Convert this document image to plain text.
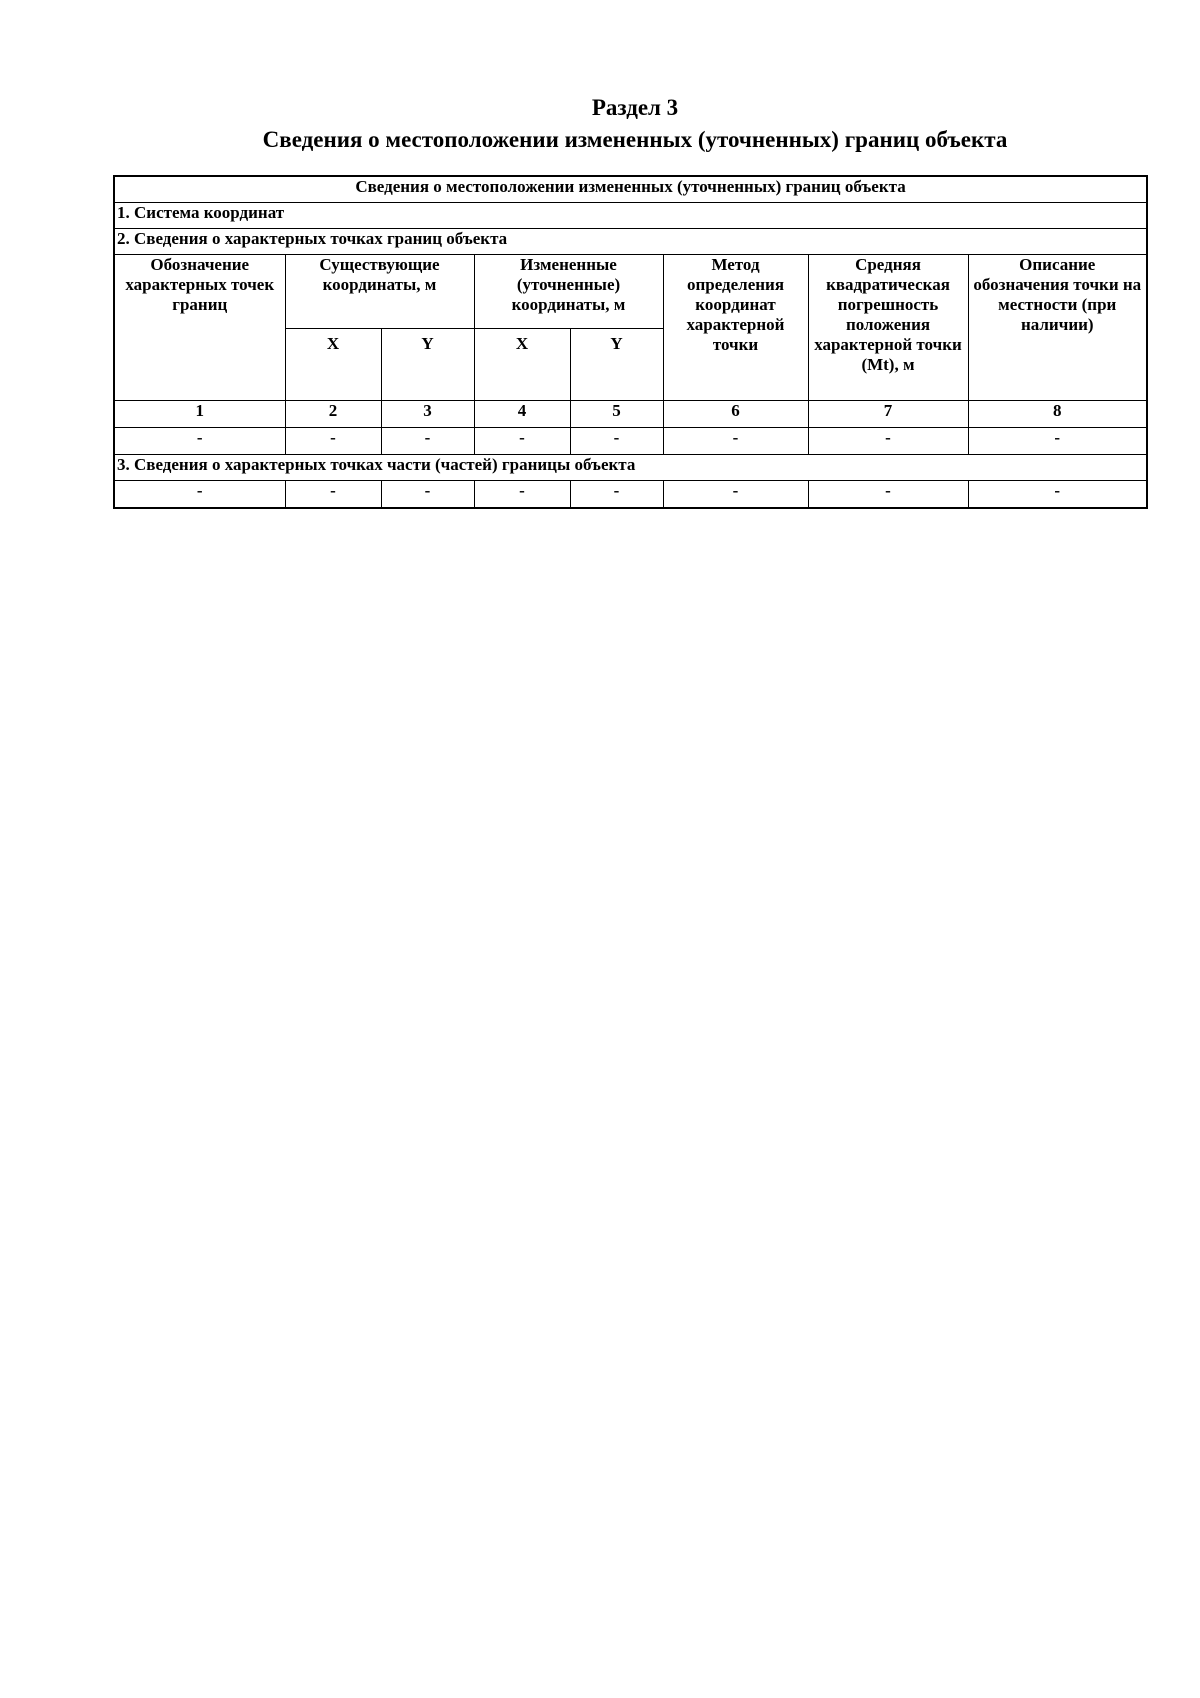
Раздел 3
Сведения о местоположении измененных (уточненных) границ объекта
Сведения о местоположении измененных (уточненных) границ объекта							
1. Система координат							
2. Сведения о характерных точках границ объекта							
Обозначение характерных точек границ	Существующие координаты, м		Измененные (уточненные) координаты, м		Метод определения координат характерной точки	Средняя квадратическая погрешность положения характерной точки (Mt), м	Описание обозначения точки на местности (при наличии)
	X	Y	X	Y			
1	2	3	4	5	6	7	8
-	-	-	-	-	-	-	-
3. Сведения о характерных точках части (частей) границы объекта							
-	-	-	-	-	-	-	-
